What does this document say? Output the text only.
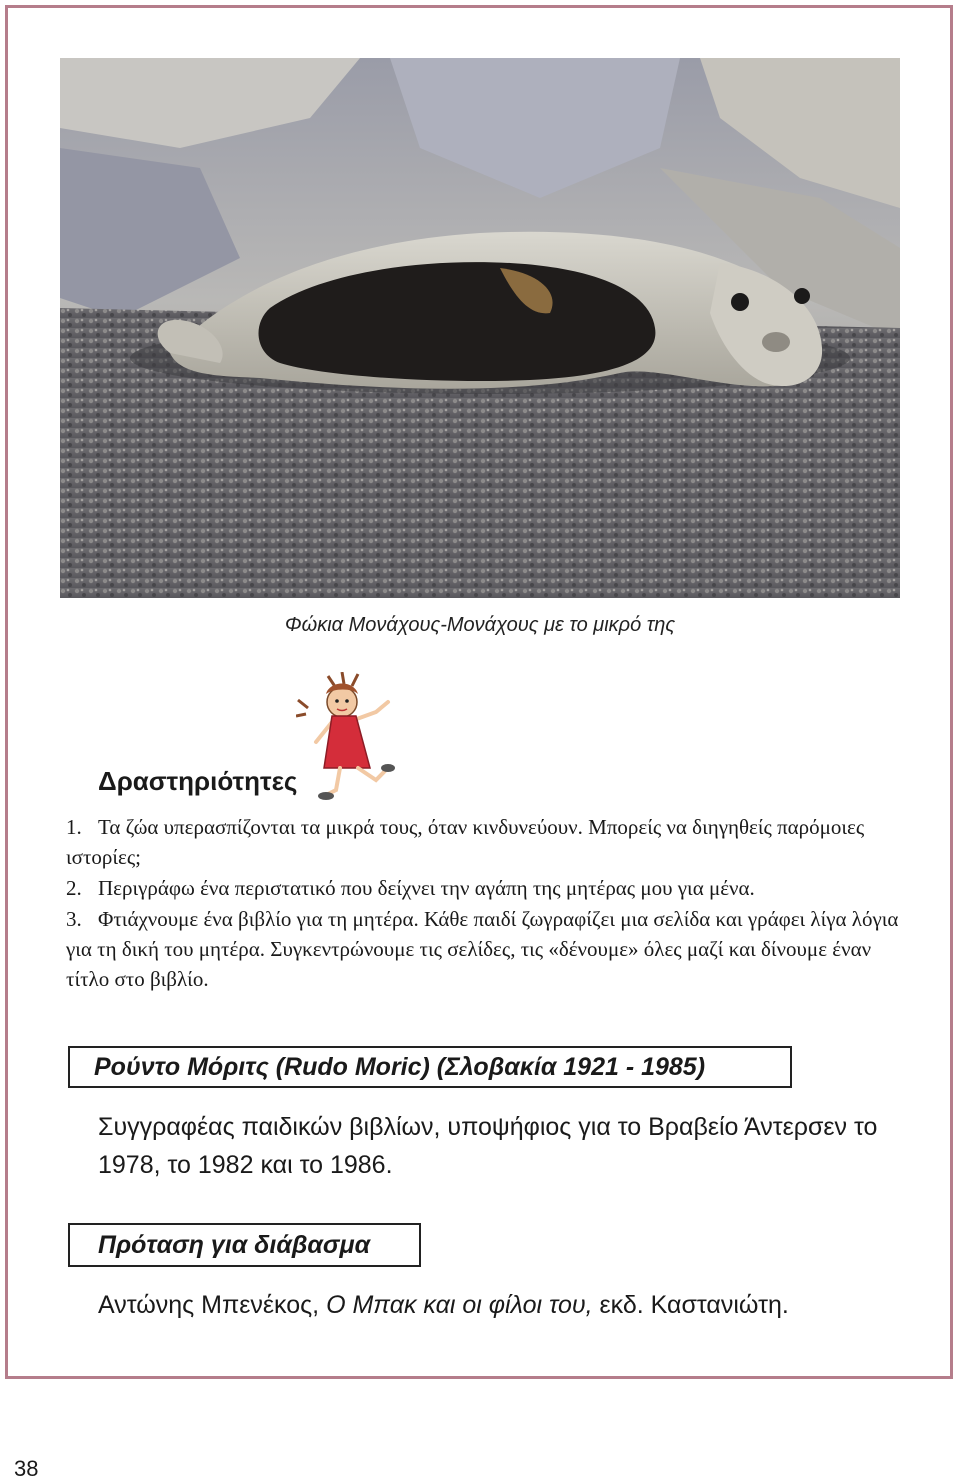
Φώκια Μονάχους-Μονάχους με το μικρό της
Δραστηριότητες
1. Τα ζώα υπερασπίζονται τα μικρά τους, όταν κινδυνεύουν. Μπορείς να διηγηθείς παρόμοιες ιστορίες;
2. Περιγράφω ένα περιστατικό που δείχνει την αγάπη της μητέρας μου για μένα.
3. Φτιάχνουμε ένα βιβλίο για τη μητέρα. Κάθε παιδί ζωγραφίζει μια σελίδα και γράφει λίγα λόγια για τη δική του μητέρα. Συγκεντρώνουμε τις σελίδες, τις «δένουμε» όλες μαζί και δίνουμε έναν τίτλο στο βιβλίο.
Ρούντο Μόριτς (Rudo Moric) (Σλοβακία 1921 - 1985)
Συγγραφέας παιδικών βιβλίων, υποψήφιος για το Βραβείο Άντερσεν το 1978, το 1982 και το 1986.
Πρόταση για διάβασμα
Αντώνης Μπενέκος, Ο Μπακ και οι φίλοι του, εκδ. Καστανιώτη.
38
